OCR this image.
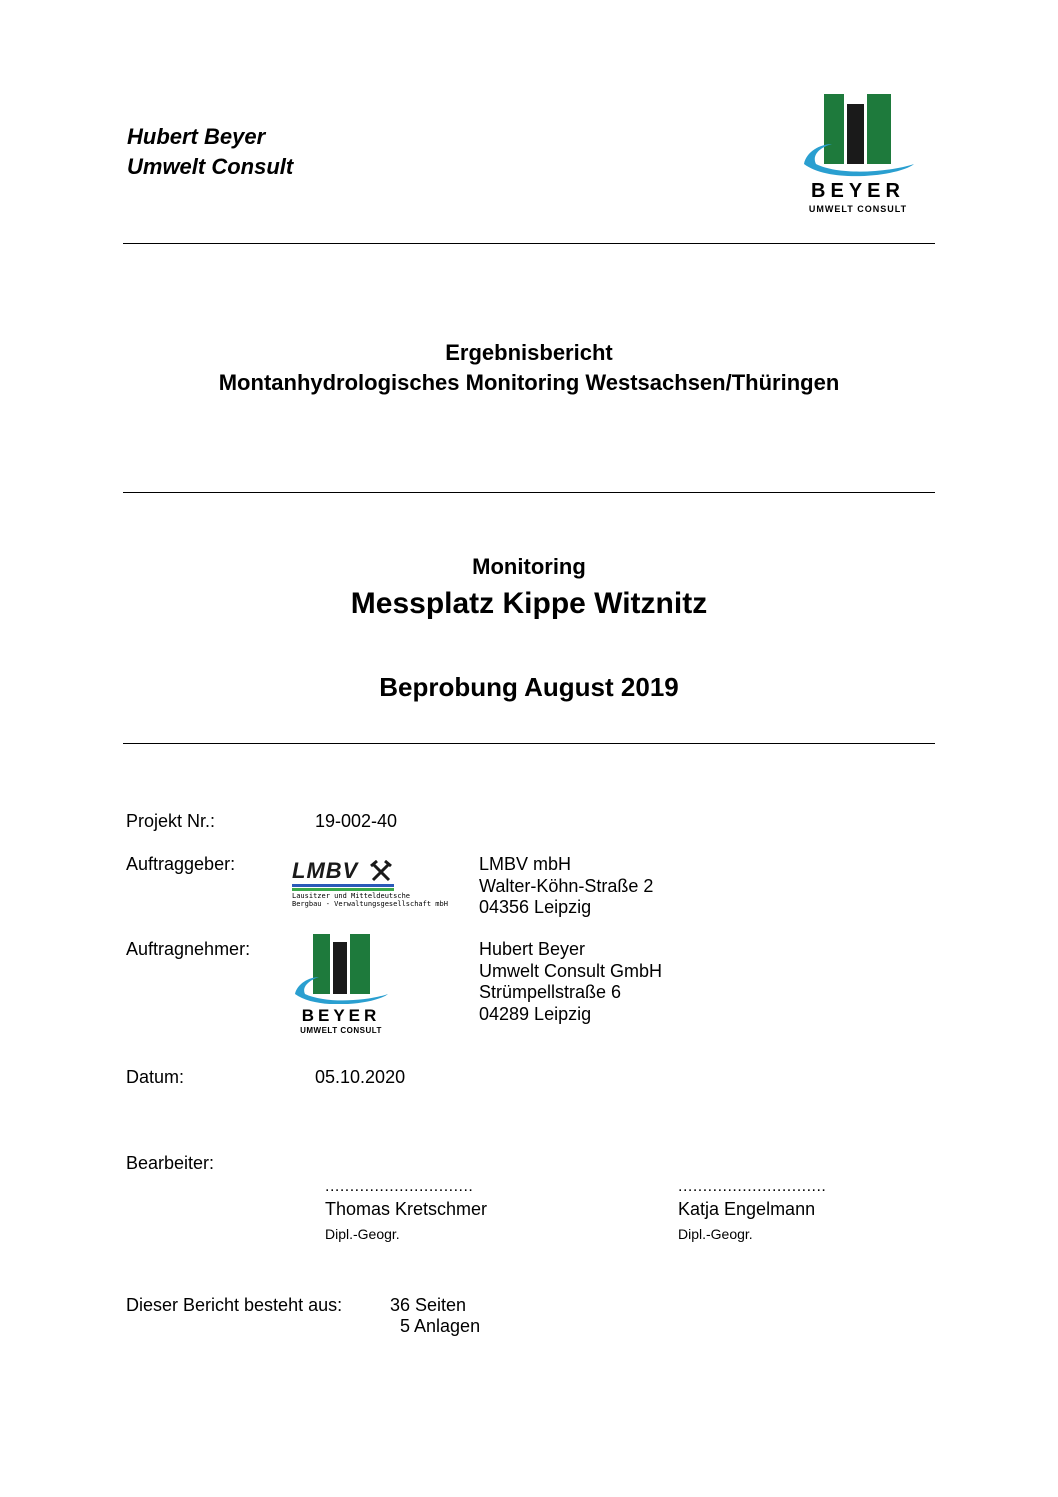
Hubert Beyer
Umwelt Consult
BEYER
UMWELT CONSULT
Ergebnisbericht
Montanhydrologisches Monitoring Westsachsen/Thüringen
Monitoring
Messplatz Kippe Witznitz
Beprobung August 2019
Projekt Nr.:	19-002-40
Auftraggeber:	LMBV
Lausitzer und Mitteldeutsche
Bergbau - Verwaltungsgesellschaft mbH
LMBV mbH
Walter-Köhn-Straße 2
04356 Leipzig
Auftragnehmer:
BEYER
UMWELT CONSULT
Hubert Beyer
Umwelt Consult GmbH
Strümpellstraße 6
04289 Leipzig
Datum:	05.10.2020
Bearbeiter:
..............................
Thomas Kretschmer
Dipl.-Geogr.
..............................
Katja Engelmann
Dipl.-Geogr.
Dieser Bericht besteht aus:	36 Seiten
5 Anlagen
